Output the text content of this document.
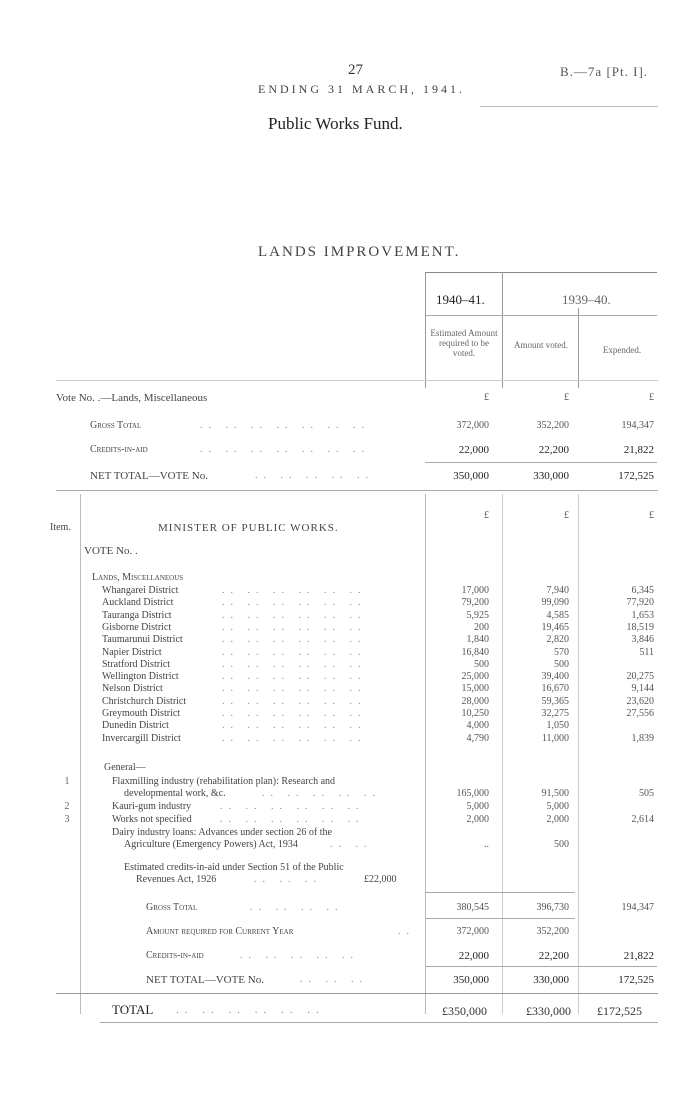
27	B.—7a [Pt. I].
ENDING 31 MARCH, 1941.
Public Works Fund.
LANDS IMPROVEMENT.
1940–41.	1939–40.
Estimated Amount required to be voted.
Amount voted.	Expended.
Vote No. .—Lands, Miscellaneous	£	£	£
Gross Total	.. .. .. .. .. .. ..	372,000	352,200	194,347
Credits-in-aid	.. .. .. .. .. .. ..	22,000	22,200	21,822
NET TOTAL—VOTE No.	.. .. .. .. ..	350,000	330,000	172,525
£	£	£
Item.	MINISTER OF PUBLIC WORKS.
VOTE No. .
Lands, Miscellaneous
Whangarei District	.. .. .. .. .. ..	17,000	7,940	6,345
Auckland District	.. .. .. .. .. ..	79,200	99,090	77,920
Tauranga District	.. .. .. .. .. ..	5,925	4,585	1,653
Gisborne District	.. .. .. .. .. ..	200	19,465	18,519
Taumarunui District	.. .. .. .. .. ..	1,840	2,820	3,846
Napier District	.. .. .. .. .. ..	16,840	570	511
Stratford District	.. .. .. .. .. ..	500	500
Wellington District	.. .. .. .. .. ..	25,000	39,400	20,275
Nelson District	.. .. .. .. .. ..	15,000	16,670	9,144
Christchurch District	.. .. .. .. .. ..	28,000	59,365	23,620
Greymouth District	.. .. .. .. .. ..	10,250	32,275	27,556
Dunedin District	.. .. .. .. .. ..	4,000	1,050
Invercargill District	.. .. .. .. .. ..	4,790	11,000	1,839
General—
1	Flaxmilling industry (rehabilitation plan): Research and
developmental work, &c.	.. .. .. .. ..	165,000	91,500	505
2	Kauri-gum industry	.. .. .. .. .. ..	5,000	5,000
3	Works not specified	.. .. .. .. .. ..	2,000	2,000	2,614
Dairy industry loans: Advances under section 26 of the
Agriculture (Emergency Powers) Act, 1934	.. ..	..	500
Estimated credits-in-aid under Section 51 of the Public
Revenues Act, 1926	.. .. ..	£22,000
Gross Total	.. .. .. ..	380,545	396,730	194,347
Amount required for Current Year	..	372,000	352,200
Credits-in-aid	.. .. .. .. ..	22,000	22,200	21,822
NET TOTAL—VOTE No.	.. .. ..	350,000	330,000	172,525
TOTAL .. .. .. .. .. ..	£350,000	£330,000	£172,525
